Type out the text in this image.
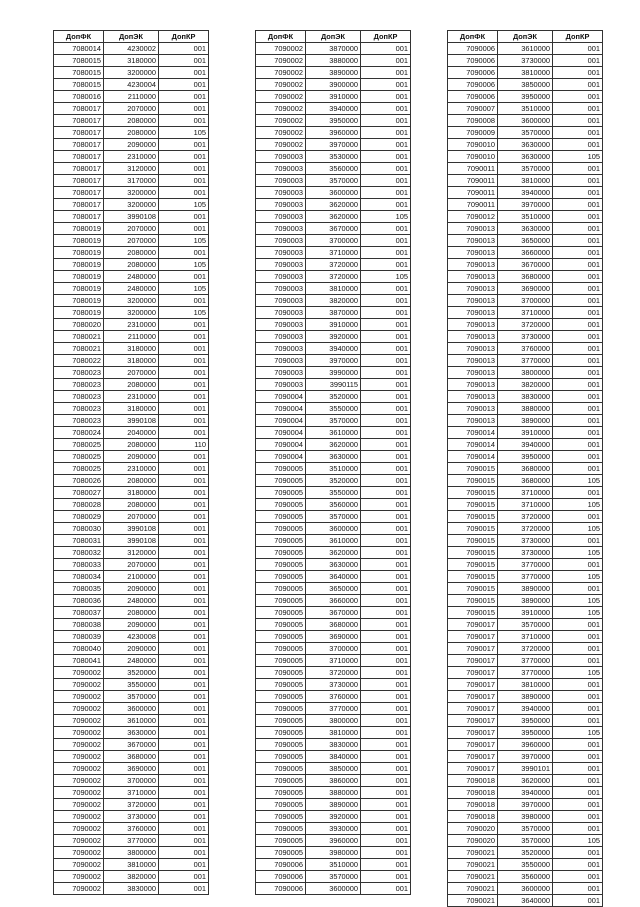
ДопФК	ДопЭК	ДопКР
7080014	4230002	001
7080015	3180000	001
7080015	3200000	001
7080015	4230004	001
7080016	2110000	001
7080017	2070000	001
7080017	2080000	001
7080017	2080000	105
7080017	2090000	001
7080017	2310000	001
7080017	3120000	001
7080017	3170000	001
7080017	3200000	001
7080017	3200000	105
7080017	3990108	001
7080019	2070000	001
7080019	2070000	105
7080019	2080000	001
7080019	2080000	105
7080019	2480000	001
7080019	2480000	105
7080019	3200000	001
7080019	3200000	105
7080020	2310000	001
7080021	2110000	001
7080021	3180000	001
7080022	3180000	001
7080023	2070000	001
7080023	2080000	001
7080023	2310000	001
7080023	3180000	001
7080023	3990108	001
7080024	2040000	001
7080025	2080000	110
7080025	2090000	001
7080025	2310000	001
7080026	2080000	001
7080027	3180000	001
7080028	2080000	001
7080029	2070000	001
7080030	3990108	001
7080031	3990108	001
7080032	3120000	001
7080033	2070000	001
7080034	2100000	001
7080035	2090000	001
7080036	2480000	001
7080037	2080000	001
7080038	2090000	001
7080039	4230008	001
7080040	2090000	001
7080041	2480000	001
7090002	3520000	001
7090002	3550000	001
7090002	3570000	001
7090002	3600000	001
7090002	3610000	001
7090002	3630000	001
7090002	3670000	001
7090002	3680000	001
7090002	3690000	001
7090002	3700000	001
7090002	3710000	001
7090002	3720000	001
7090002	3730000	001
7090002	3760000	001
7090002	3770000	001
7090002	3800000	001
7090002	3810000	001
7090002	3820000	001
7090002	3830000	001
ДопФК	ДопЭК	ДопКР
7090002	3870000	001
7090002	3880000	001
7090002	3890000	001
7090002	3900000	001
7090002	3910000	001
7090002	3940000	001
7090002	3950000	001
7090002	3960000	001
7090002	3970000	001
7090003	3530000	001
7090003	3560000	001
7090003	3570000	001
7090003	3600000	001
7090003	3620000	001
7090003	3620000	105
7090003	3670000	001
7090003	3700000	001
7090003	3710000	001
7090003	3720000	001
7090003	3720000	105
7090003	3810000	001
7090003	3820000	001
7090003	3870000	001
7090003	3910000	001
7090003	3920000	001
7090003	3940000	001
7090003	3970000	001
7090003	3990000	001
7090003	3990115	001
7090004	3520000	001
7090004	3550000	001
7090004	3570000	001
7090004	3610000	001
7090004	3620000	001
7090004	3630000	001
7090005	3510000	001
7090005	3520000	001
7090005	3550000	001
7090005	3560000	001
7090005	3570000	001
7090005	3600000	001
7090005	3610000	001
7090005	3620000	001
7090005	3630000	001
7090005	3640000	001
7090005	3650000	001
7090005	3660000	001
7090005	3670000	001
7090005	3680000	001
7090005	3690000	001
7090005	3700000	001
7090005	3710000	001
7090005	3720000	001
7090005	3730000	001
7090005	3760000	001
7090005	3770000	001
7090005	3800000	001
7090005	3810000	001
7090005	3830000	001
7090005	3840000	001
7090005	3850000	001
7090005	3860000	001
7090005	3880000	001
7090005	3890000	001
7090005	3920000	001
7090005	3930000	001
7090005	3960000	001
7090005	3980000	001
7090006	3510000	001
7090006	3570000	001
7090006	3600000	001
ДопФК	ДопЭК	ДопКР
7090006	3610000	001
7090006	3730000	001
7090006	3810000	001
7090006	3850000	001
7090006	3950000	001
7090007	3510000	001
7090008	3600000	001
7090009	3570000	001
7090010	3630000	001
7090010	3630000	105
7090011	3570000	001
7090011	3810000	001
7090011	3940000	001
7090011	3970000	001
7090012	3510000	001
7090013	3630000	001
7090013	3650000	001
7090013	3660000	001
7090013	3670000	001
7090013	3680000	001
7090013	3690000	001
7090013	3700000	001
7090013	3710000	001
7090013	3720000	001
7090013	3730000	001
7090013	3760000	001
7090013	3770000	001
7090013	3800000	001
7090013	3820000	001
7090013	3830000	001
7090013	3880000	001
7090013	3890000	001
7090014	3910000	001
7090014	3940000	001
7090014	3950000	001
7090015	3680000	001
7090015	3680000	105
7090015	3710000	001
7090015	3710000	105
7090015	3720000	001
7090015	3720000	105
7090015	3730000	001
7090015	3730000	105
7090015	3770000	001
7090015	3770000	105
7090015	3890000	001
7090015	3890000	105
7090015	3910000	105
7090017	3570000	001
7090017	3710000	001
7090017	3720000	001
7090017	3770000	001
7090017	3770000	105
7090017	3810000	001
7090017	3890000	001
7090017	3940000	001
7090017	3950000	001
7090017	3950000	105
7090017	3960000	001
7090017	3970000	001
7090017	3990101	001
7090018	3620000	001
7090018	3940000	001
7090018	3970000	001
7090018	3980000	001
7090020	3570000	001
7090020	3570000	105
7090021	3520000	001
7090021	3550000	001
7090021	3560000	001
7090021	3600000	001
7090021	3640000	001
